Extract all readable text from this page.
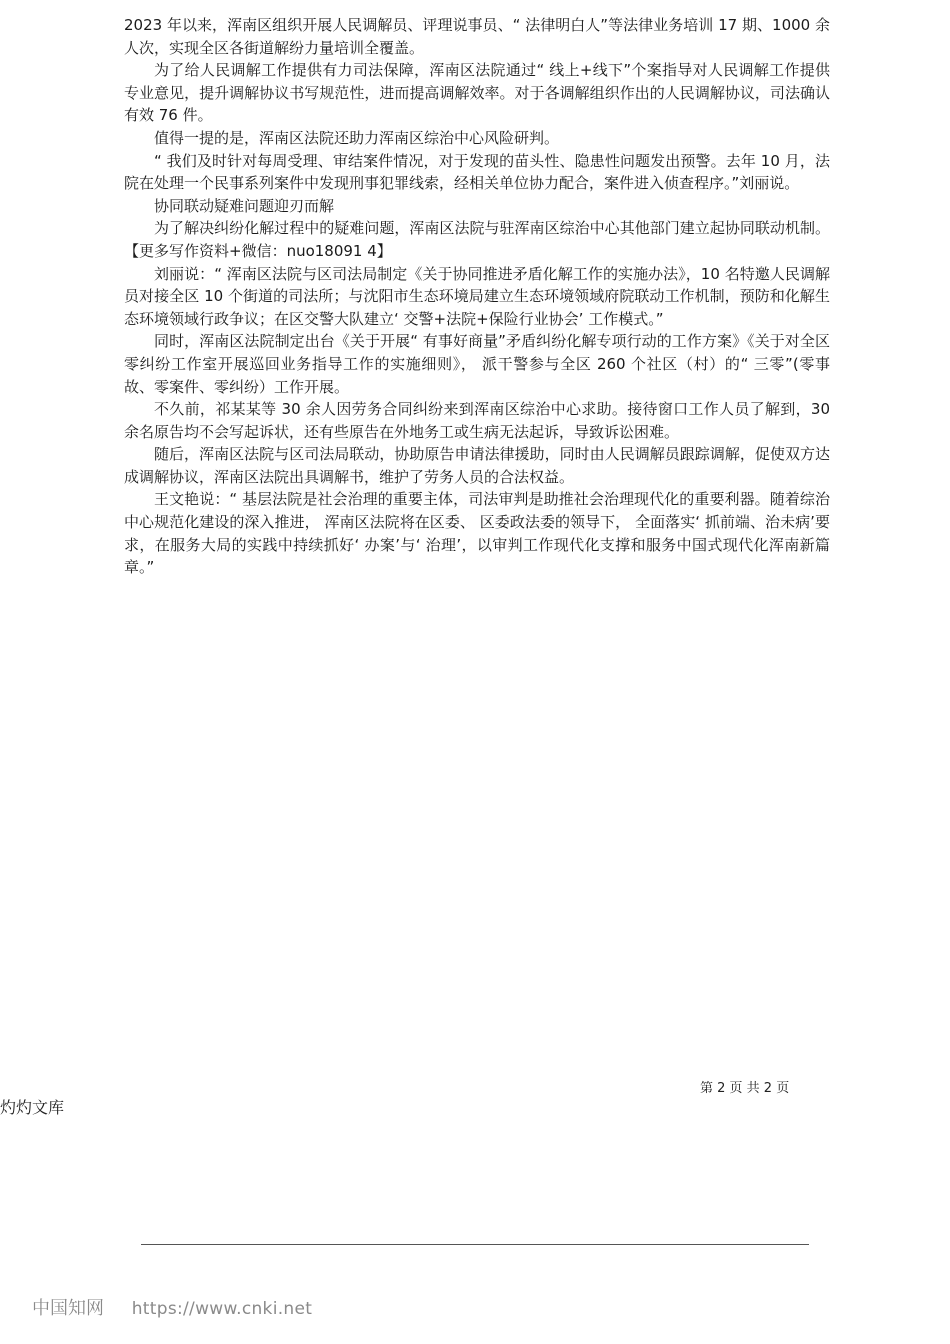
2023 年以来，浑南区组织开展人民调解员、评理说事员、“ 法律明白人”等法律业务培训 17 期、1000 余人次，实现全区各街道解纷力量培训全覆盖。

为了给人民调解工作提供有力司法保障，浑南区法院通过“ 线上+线下”个案指导对人民调解工作提供专业意见，提升调解协议书写规范性，进而提高调解效率。对于各调解组织作出的人民调解协议，司法确认有效 76 件。

值得一提的是，浑南区法院还助力浑南区综治中心风险研判。

“ 我们及时针对每周受理、审结案件情况，对于发现的苗头性、隐患性问题发出预警。去年 10 月，法院在处理一个民事系列案件中发现刑事犯罪线索，经相关单位协力配合，案件进入侦查程序。”刘丽说。

协同联动疑难问题迎刃而解

为了解决纠纷化解过程中的疑难问题，浑南区法院与驻浑南区综治中心其他部门建立起协同联动机制。【更多写作资料+微信：nuo18091 4】

刘丽说：“ 浑南区法院与区司法局制定《关于协同推进矛盾化解工作的实施办法》，10 名特邀人民调解员对接全区 10 个街道的司法所；与沈阳市生态环境局建立生态环境领域府院联动工作机制，预防和化解生态环境领域行政争议；在区交警大队建立‘ 交警+法院+保险行业协会’ 工作模式。”

同时，浑南区法院制定出台《关于开展“ 有事好商量”矛盾纠纷化解专项行动的工作方案》《关于对全区零纠纷工作室开展巡回业务指导工作的实施细则》， 派干警参与全区 260 个社区（村）的“ 三零”(零事故、零案件、零纠纷）工作开展。

不久前，祁某某等 30 余人因劳务合同纠纷来到浑南区综治中心求助。接待窗口工作人员了解到，30 余名原告均不会写起诉状，还有些原告在外地务工或生病无法起诉，导致诉讼困难。

随后，浑南区法院与区司法局联动，协助原告申请法律援助，同时由人民调解员跟踪调解，促使双方达成调解协议，浑南区法院出具调解书，维护了劳务人员的合法权益。

王文艳说：“ 基层法院是社会治理的重要主体，司法审判是助推社会治理现代化的重要利器。随着综治中心规范化建设的深入推进， 浑南区法院将在区委、 区委政法委的领导下， 全面落实‘ 抓前端、治未病’要求，在服务大局的实践中持续抓好‘ 办案’与‘ 治理’，以审判工作现代化支撑和服务中国式现代化浑南新篇章。”

第 2 页 共 2 页
灼灼文库
中国知网 https://www.cnki.net
